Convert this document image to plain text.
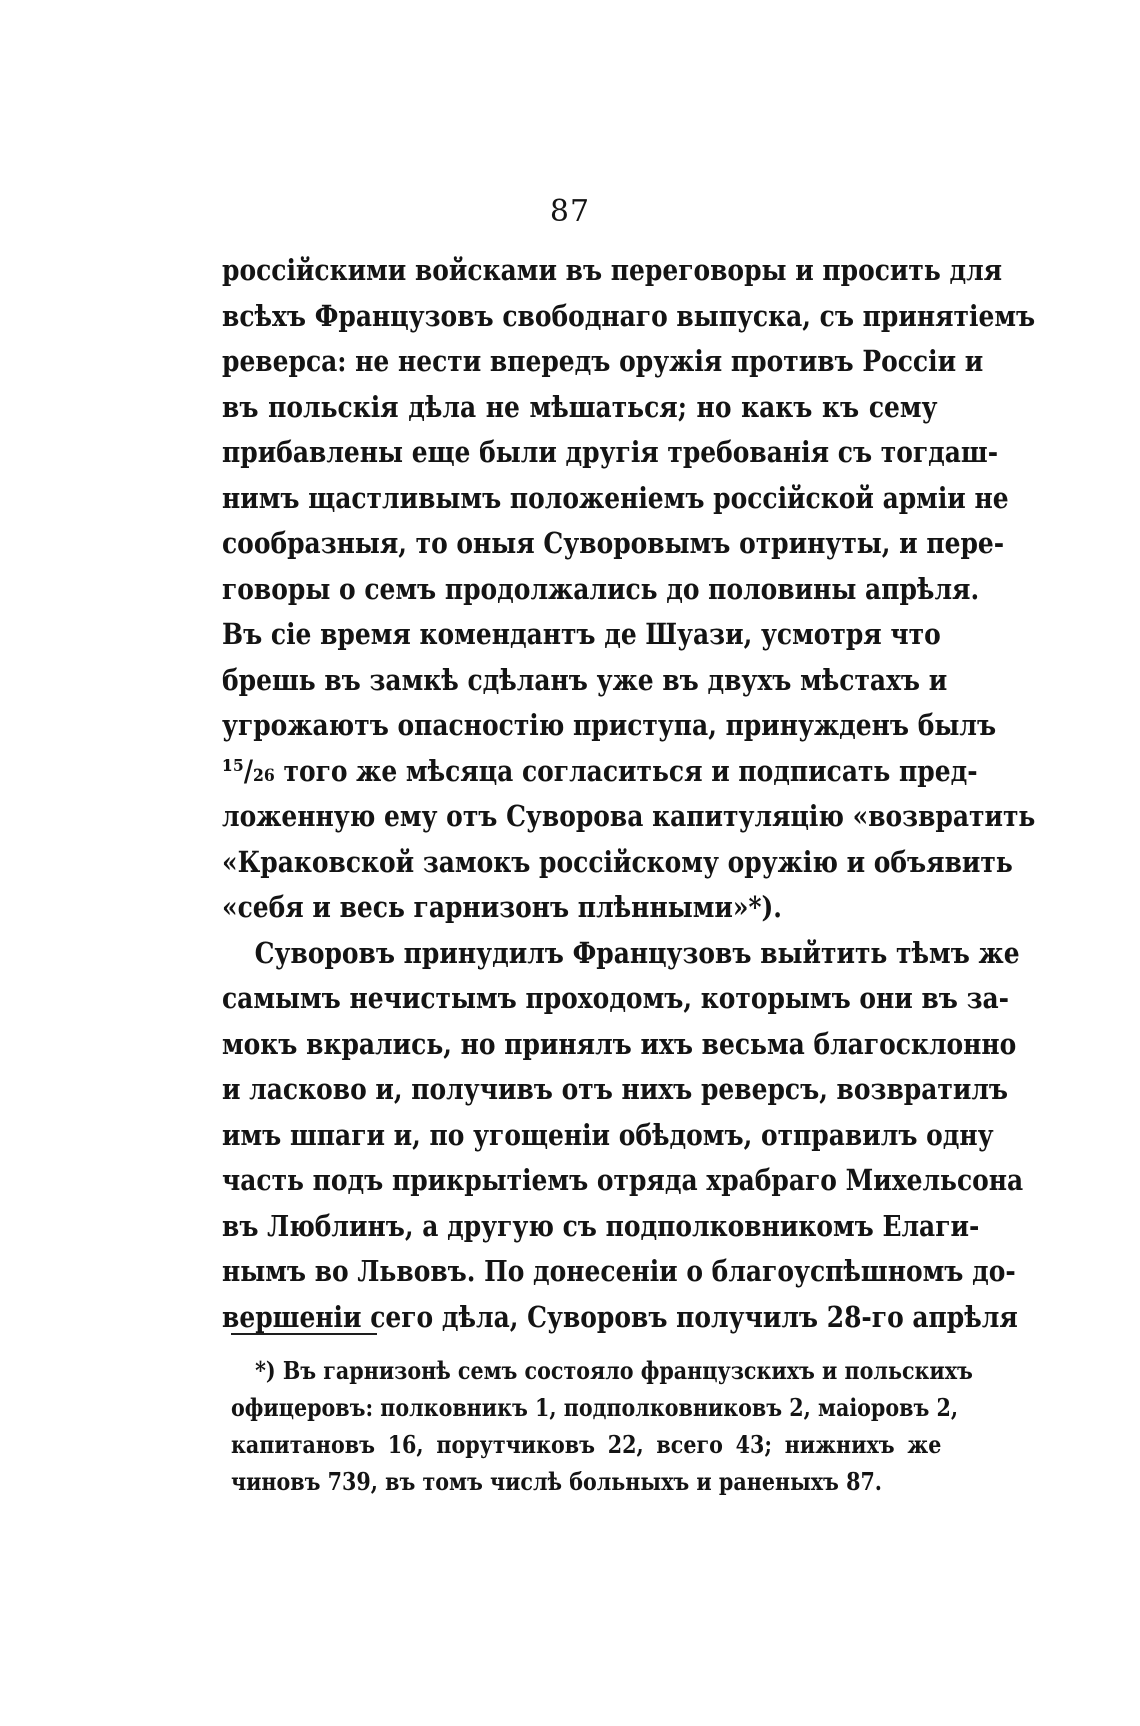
87
россійскими войсками въ переговоры и просить для
всѣхъ Французовъ свободнаго выпуска, съ принятіемъ
реверса: не нести впередъ оружія противъ Россіи и
въ польскія дѣла не мѣшаться; но какъ къ сему
прибавлены еще были другія требованія съ тогдаш-
нимъ щастливымъ положеніемъ россійской арміи не
сообразныя, то оныя Суворовымъ отринуты, и пере-
говоры о семъ продолжались до половины апрѣля.
Въ сіе время комендантъ де Шуази, усмотря что
брешь въ замкѣ сдѣланъ уже въ двухъ мѣстахъ и
угрожаютъ опасностію приступа, принужденъ былъ
¹⁵/₂₆ того же мѣсяца согласиться и подписать пред-
ложенную ему отъ Суворова капитуляцію «возвратить
«Краковской замокъ россійскому оружію и объявить
«себя и весь гарнизонъ плѣнными»*).
Суворовъ принудилъ Французовъ выйтить тѣмъ же
самымъ нечистымъ проходомъ, которымъ они въ за-
мокъ вкрались, но принялъ ихъ весьма благосклонно
и ласково и, получивъ отъ нихъ реверсъ, возвратилъ
имъ шпаги и, по угощеніи обѣдомъ, отправилъ одну
часть подъ прикрытіемъ отряда храбраго Михельсона
въ Люблинъ, а другую съ подполковникомъ Елаги-
нымъ во Львовъ. По донесеніи о благоуспѣшномъ до-
вершеніи сего дѣла, Суворовъ получилъ 28-го апрѣля
*) Въ гарнизонѣ семъ состояло французскихъ и польскихъ
офицеровъ: полковникъ 1, подполковниковъ 2, маіоровъ 2,
капитановъ 16, порутчиковъ 22, всего 43; нижнихъ же
чиновъ 739, въ томъ числѣ больныхъ и раненыхъ 87.
